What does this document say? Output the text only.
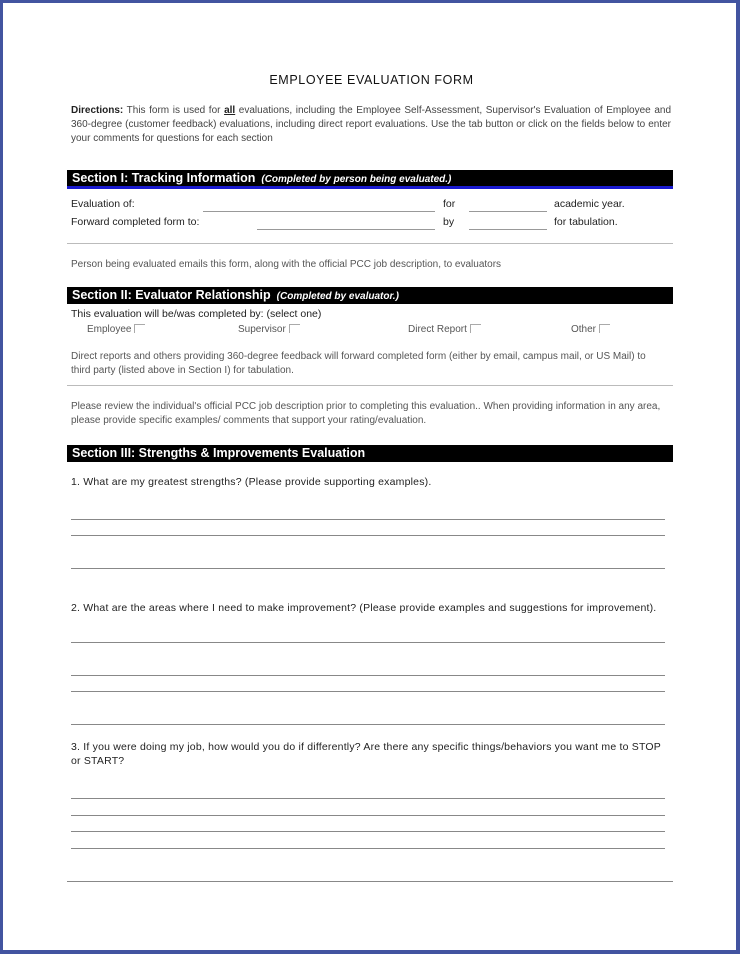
EMPLOYEE EVALUATION FORM
Directions: This form is used for all evaluations, including the Employee Self-Assessment, Supervisor's Evaluation of Employee and 360-degree (customer feedback) evaluations, including direct report evaluations. Use the tab button or click on the fields below to enter your comments for questions for each section
Section I: Tracking Information (Completed by person being evaluated.)
Evaluation of:	for	academic year.
Forward completed form to:	by	for tabulation.
Person being evaluated emails this form, along with the official PCC job description, to evaluators
Section II: Evaluator Relationship (Completed by evaluator.)
This evaluation will be/was completed by: (select one)
Employee	Supervisor	Direct Report	Other
Direct reports and others providing 360-degree feedback will forward completed form (either by email, campus mail, or US Mail) to third party (listed above in Section I) for tabulation.
Please review the individual's official PCC job description prior to completing this evaluation.. When providing information in any area, please provide specific examples/ comments that support your rating/evaluation.
Section III: Strengths & Improvements Evaluation
1. What are my greatest strengths? (Please provide supporting examples).
2. What are the areas where I need to make improvement? (Please provide examples and suggestions for improvement).
3. If you were doing my job, how would you do if differently? Are there any specific things/behaviors you want me to STOP or START?
